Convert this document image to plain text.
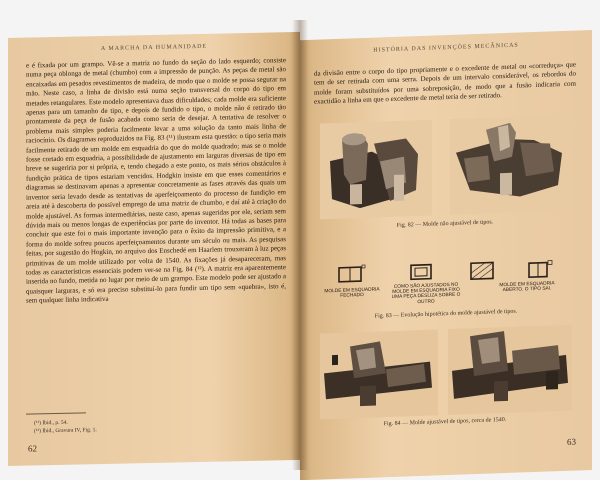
A MARCHA DA HUMANIDADE

e é fixada por um grampo. Vê-se a matriz no fundo da seção do lado esquerdo; consiste numa peça oblonga de metal (chumbo) com a impressão de punção. As peças de metal são encaixadas em pesados revestimentos de madeira, de modo que o molde se possa segurar na mão. Neste caso, a linha de divisão está numa seção transversal do corpo do tipo em metades retangulares. Este modelo apresentava duas dificuldades; cada molde era suficiente apenas para um tamanho de tipo, e depois de fundido o tipo, o molde não é retirado tão prontamente da peça de fusão acabada como seria de desejar. A tentativa de resolver o problema mais simples poderia facilmente levar a uma solução da tanto mais linha de raciocínio. Os diagramas reproduzidos na Fig. 83 (¹¹) ilustram esta questão: o tipo seria mais facilmente retirado de um molde em esquadria do que do molde quadrado; mas se o molde fosse cortado em esquadria, a possibilidade de ajustamento em larguras diversas de tipo em breve se sugeriria por si própria, e, tendo chegado a este ponto, os mais sérios obstáculos à fundição prática de tipos estariam vencidos. Hodgkin insiste em que esses comentários e diagramas se destinavam apenas a apresentar concretamente as fases através das quais um inventor seria levado desde as tentativas de aperfeiçoamento do processo de fundição em areia até à descoberta do possível emprego de uma matriz de chumbo, e daí até à criação do molde ajustável. As formas intermediárias, neste caso, apenas sugeridas por ele, seriam sem dúvida mais ou menos longas de experiências por parte do inventor. Há todas as bases para concluir que este foi o mais importante invenção para o êxito da impressão primitiva, e a forma do molde sofreu poucos aperfeiçoamentos durante um século ou mais. As pesquisas feitas, por sugestão do Hogkin, no arquivo dos Enschedé em Haarlem trouxeram à luz peças primitivas de um molde utilizado por volta de 1540. As fixações já desapareceram, mas todas as características essenciais podem ver-se na Fig. 84 (¹²). A matriz era aparentemente inserida no fundo, metida no lugar por meio de um grampo. Este modelo pode ser ajustado a quaisquer larguras, e só era preciso substituí-lo para fundir um tipo sem «quebra», isto é, sem qualquer linha indicativa

(¹¹) Ibid., p. 54.
(¹²) Ibid., Gravura IV, Fig. 1.
62
HISTÓRIA DAS INVENÇÕES MECÂNICAS

da divisão entre o corpo do tipo propriamente e o excedente de metal ou «correduça» que tem de ser retirada com uma serra. Depois de um intervalo considerável, os rebordos do molde foram substituídos por uma sobreposição, de modo que a fusão indicaria com exactidão a linha em que o excedente de metal teria de ser retirado.

Fig. 82 — Molde não ajustável de tipos.
MOLDE EM ESQUADRIA FECHADO
COMO SÃO AJUSTADOS NO MOLDE EM ESQUADRIA FIXO UMA PEÇA DESLIZA SOBRE O OUTRO
MOLDE EM ESQUADRIA ABERTO. O TIPO SAI.
Fig. 83 — Evolução hipotética do molde ajustável de tipos.
Fig. 84 — Molde ajustável de tipos, cerca de 1540.
63
